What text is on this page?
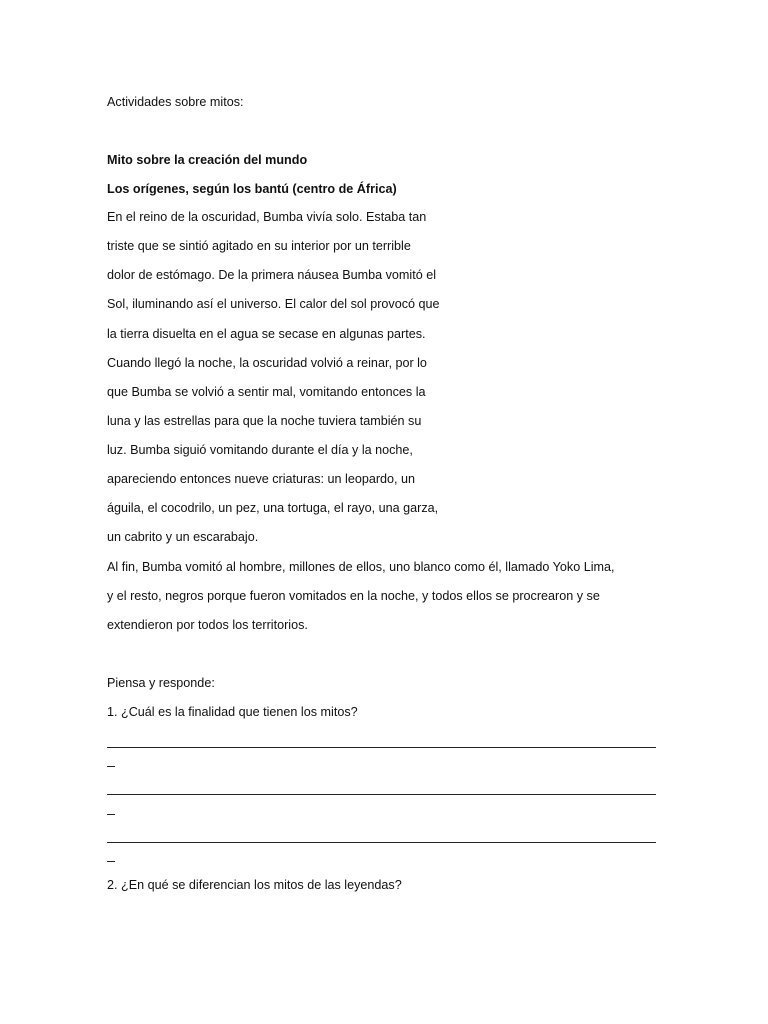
Actividades sobre mitos:
Mito sobre la creación del mundo
Los orígenes, según los bantú (centro de África)
En el reino de la oscuridad, Bumba vivía solo. Estaba tan
triste que se sintió agitado en su interior por un terrible
dolor de estómago. De la primera náusea Bumba vomitó el
Sol, iluminando así el universo. El calor del sol provocó que
la tierra disuelta en el agua se secase en algunas partes.
Cuando llegó la noche, la oscuridad volvió a reinar, por lo
que Bumba se volvió a sentir mal, vomitando entonces la
luna y las estrellas para que la noche tuviera también su
luz. Bumba siguió vomitando durante el día y la noche,
apareciendo entonces nueve criaturas: un leopardo, un
águila, el cocodrilo, un pez, una tortuga, el rayo, una garza,
un cabrito y un escarabajo.
Al fin, Bumba vomitó al hombre, millones de ellos, uno blanco como él, llamado Yoko Lima,
y el resto, negros porque fueron vomitados en la noche, y todos ellos se procrearon y se
extendieron por todos los territorios.
Piensa y responde:
1. ¿Cuál es la finalidad que tienen los mitos?
2. ¿En qué se diferencian los mitos de las leyendas?
